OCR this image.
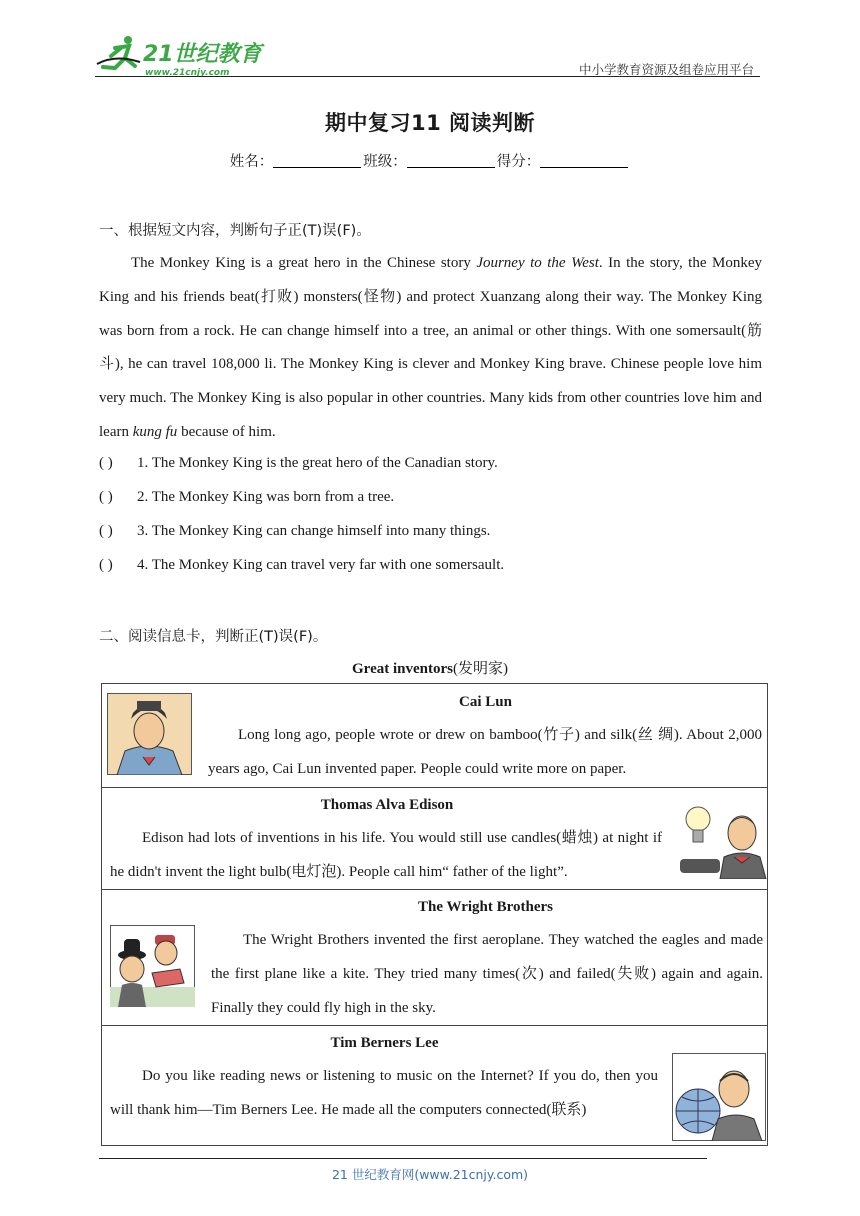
21世纪教育
www.21cnjy.com	中小学教育资源及组卷应用平台
期中复习11 阅读判断
姓名：	班级：	得分：
一、根据短文内容，判断句子正(T)误(F)。
The Monkey King is a great hero in the Chinese story Journey to the West. In the story, the Monkey King and his friends beat(打败) monsters(怪物) and protect Xuanzang along their way. The Monkey King was born from a rock. He can change himself into a tree, an animal or other things. With one somersault(筋斗), he can travel 108,000 li. The Monkey King is clever and Monkey King brave. Chinese people love him very much. The Monkey King is also popular in other countries. Many kids from other countries love him and learn kung fu because of him.
( ) 1. The Monkey King is the great hero of the Canadian story.
( ) 2. The Monkey King was born from a tree.
( ) 3. The Monkey King can change himself into many things.
( ) 4. The Monkey King can travel very far with one somersault.
二、阅读信息卡，判断正(T)误(F)。
Great inventors(发明家)
Cai Lun
Long long ago, people wrote or drew on bamboo(竹子) and silk(丝 绸). About 2,000 years ago, Cai Lun invented paper. People could write more on paper.
Thomas Alva Edison
Edison had lots of inventions in his life. You would still use candles(蜡烛) at night if he didn't invent the light bulb(电灯泡). People call him“ father of the light”.
The Wright Brothers
The Wright Brothers invented the first aeroplane. They watched the eagles and made the first plane like a kite. They tried many times(次) and failed(失败) again and again. Finally they could fly high in the sky.
Tim Berners Lee
Do you like reading news or listening to music on the Internet? If you do, then you will thank him—Tim Berners Lee. He made all the computers connected(联系)
21 世纪教育网(www.21cnjy.com)
